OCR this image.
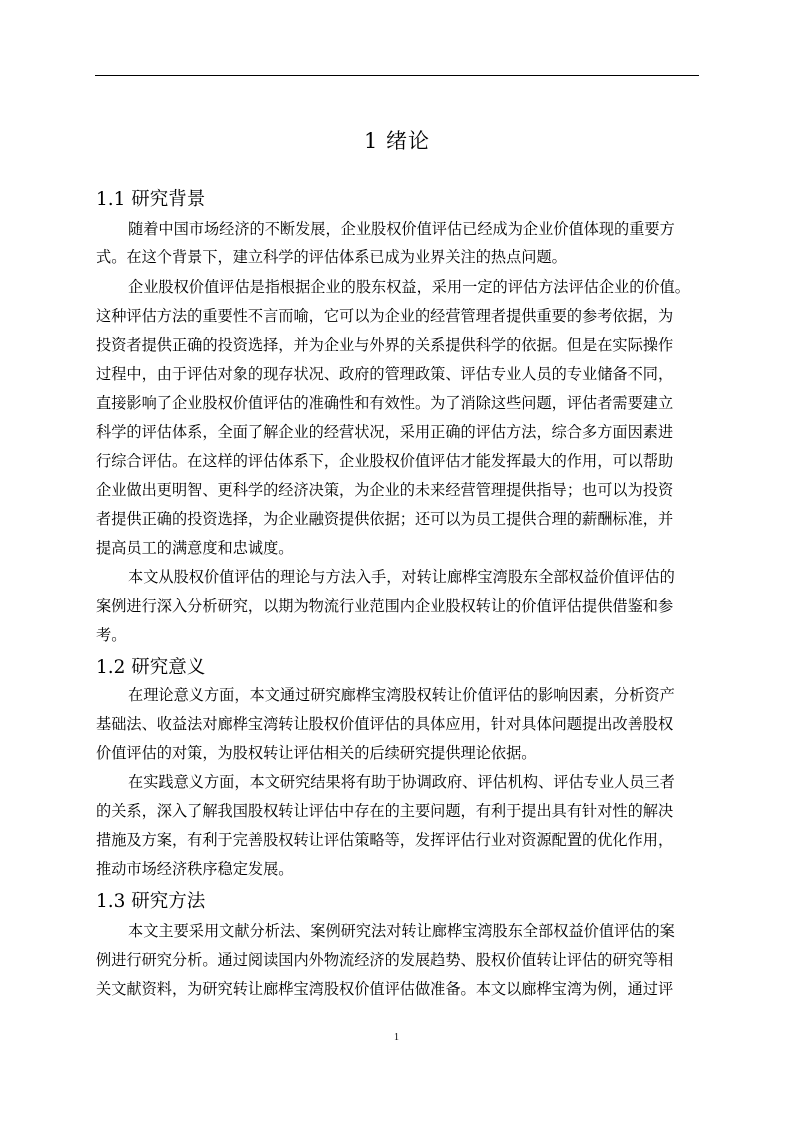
1 绪论
1.1 研究背景
随着中国市场经济的不断发展，企业股权价值评估已经成为企业价值体现的重要方
式。在这个背景下，建立科学的评估体系已成为业界关注的热点问题。
企业股权价值评估是指根据企业的股东权益，采用一定的评估方法评估企业的价值。
这种评估方法的重要性不言而喻，它可以为企业的经营管理者提供重要的参考依据，为
投资者提供正确的投资选择，并为企业与外界的关系提供科学的依据。但是在实际操作
过程中，由于评估对象的现存状况、政府的管理政策、评估专业人员的专业储备不同，
直接影响了企业股权价值评估的准确性和有效性。为了消除这些问题，评估者需要建立
科学的评估体系，全面了解企业的经营状况，采用正确的评估方法，综合多方面因素进
行综合评估。在这样的评估体系下，企业股权价值评估才能发挥最大的作用，可以帮助
企业做出更明智、更科学的经济决策，为企业的未来经营管理提供指导；也可以为投资
者提供正确的投资选择，为企业融资提供依据；还可以为员工提供合理的薪酬标准，并
提高员工的满意度和忠诚度。
本文从股权价值评估的理论与方法入手，对转让廊桦宝湾股东全部权益价值评估的
案例进行深入分析研究，以期为物流行业范围内企业股权转让的价值评估提供借鉴和参
考。
1.2 研究意义
在理论意义方面，本文通过研究廊桦宝湾股权转让价值评估的影响因素，分析资产
基础法、收益法对廊桦宝湾转让股权价值评估的具体应用，针对具体问题提出改善股权
价值评估的对策，为股权转让评估相关的后续研究提供理论依据。
在实践意义方面，本文研究结果将有助于协调政府、评估机构、评估专业人员三者
的关系，深入了解我国股权转让评估中存在的主要问题，有利于提出具有针对性的解决
措施及方案，有利于完善股权转让评估策略等，发挥评估行业对资源配置的优化作用，
推动市场经济秩序稳定发展。
1.3 研究方法
本文主要采用文献分析法、案例研究法对转让廊桦宝湾股东全部权益价值评估的案
例进行研究分析。通过阅读国内外物流经济的发展趋势、股权价值转让评估的研究等相
关文献资料，为研究转让廊桦宝湾股权价值评估做准备。本文以廊桦宝湾为例，通过评
1
